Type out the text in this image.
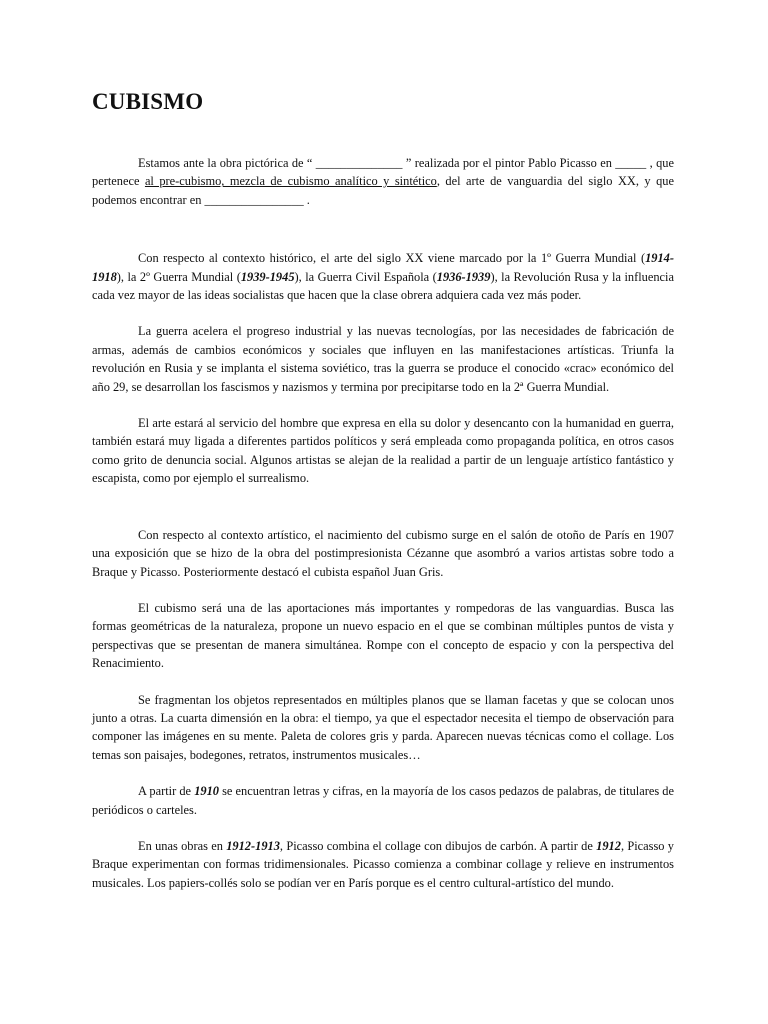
CUBISMO

Estamos ante la obra pictórica de “ ______________ ” realizada por el pintor Pablo Picasso en _____ , que pertenece al pre-cubismo, mezcla de cubismo analítico y sintético, del arte de vanguardia del siglo XX, y que podemos encontrar en ________________ .

Con respecto al contexto histórico, el arte del siglo XX viene marcado por la 1º Guerra Mundial (1914-1918), la 2º Guerra Mundial (1939-1945), la Guerra Civil Española (1936-1939), la Revolución Rusa y la influencia cada vez mayor de las ideas socialistas que hacen que la clase obrera adquiera cada vez más poder.

La guerra acelera el progreso industrial y las nuevas tecnologías, por las necesidades de fabricación de armas, además de cambios económicos y sociales que influyen en las manifestaciones artísticas. Triunfa la revolución en Rusia y se implanta el sistema soviético, tras la guerra se produce el conocido «crac» económico del año 29, se desarrollan los fascismos y nazismos y termina por precipitarse todo en la 2ª Guerra Mundial.

El arte estará al servicio del hombre que expresa en ella su dolor y desencanto con la humanidad en guerra, también estará muy ligada a diferentes partidos políticos y será empleada como propaganda política, en otros casos como grito de denuncia social. Algunos artistas se alejan de la realidad a partir de un lenguaje artístico fantástico y escapista, como por ejemplo el surrealismo.

Con respecto al contexto artístico, el nacimiento del cubismo surge en el salón de otoño de París en 1907 una exposición que se hizo de la obra del postimpresionista Cézanne que asombró a varios artistas sobre todo a Braque y Picasso. Posteriormente destacó el cubista español Juan Gris.

El cubismo será una de las aportaciones más importantes y rompedoras de las vanguardias. Busca las formas geométricas de la naturaleza, propone un nuevo espacio en el que se combinan múltiples puntos de vista y perspectivas que se presentan de manera simultánea. Rompe con el concepto de espacio y con la perspectiva del Renacimiento.

Se fragmentan los objetos representados en múltiples planos que se llaman facetas y que se colocan unos junto a otras. La cuarta dimensión en la obra: el tiempo, ya que el espectador necesita el tiempo de observación para componer las imágenes en su mente. Paleta de colores gris y parda. Aparecen nuevas técnicas como el collage. Los temas son paisajes, bodegones, retratos, instrumentos musicales…

A partir de 1910 se encuentran letras y cifras, en la mayoría de los casos pedazos de palabras, de titulares de periódicos o carteles.

En unas obras en 1912-1913, Picasso combina el collage con dibujos de carbón. A partir de 1912, Picasso y Braque experimentan con formas tridimensionales. Picasso comienza a combinar collage y relieve en instrumentos musicales. Los papiers-collés solo se podían ver en París porque es el centro cultural-artístico del mundo.
